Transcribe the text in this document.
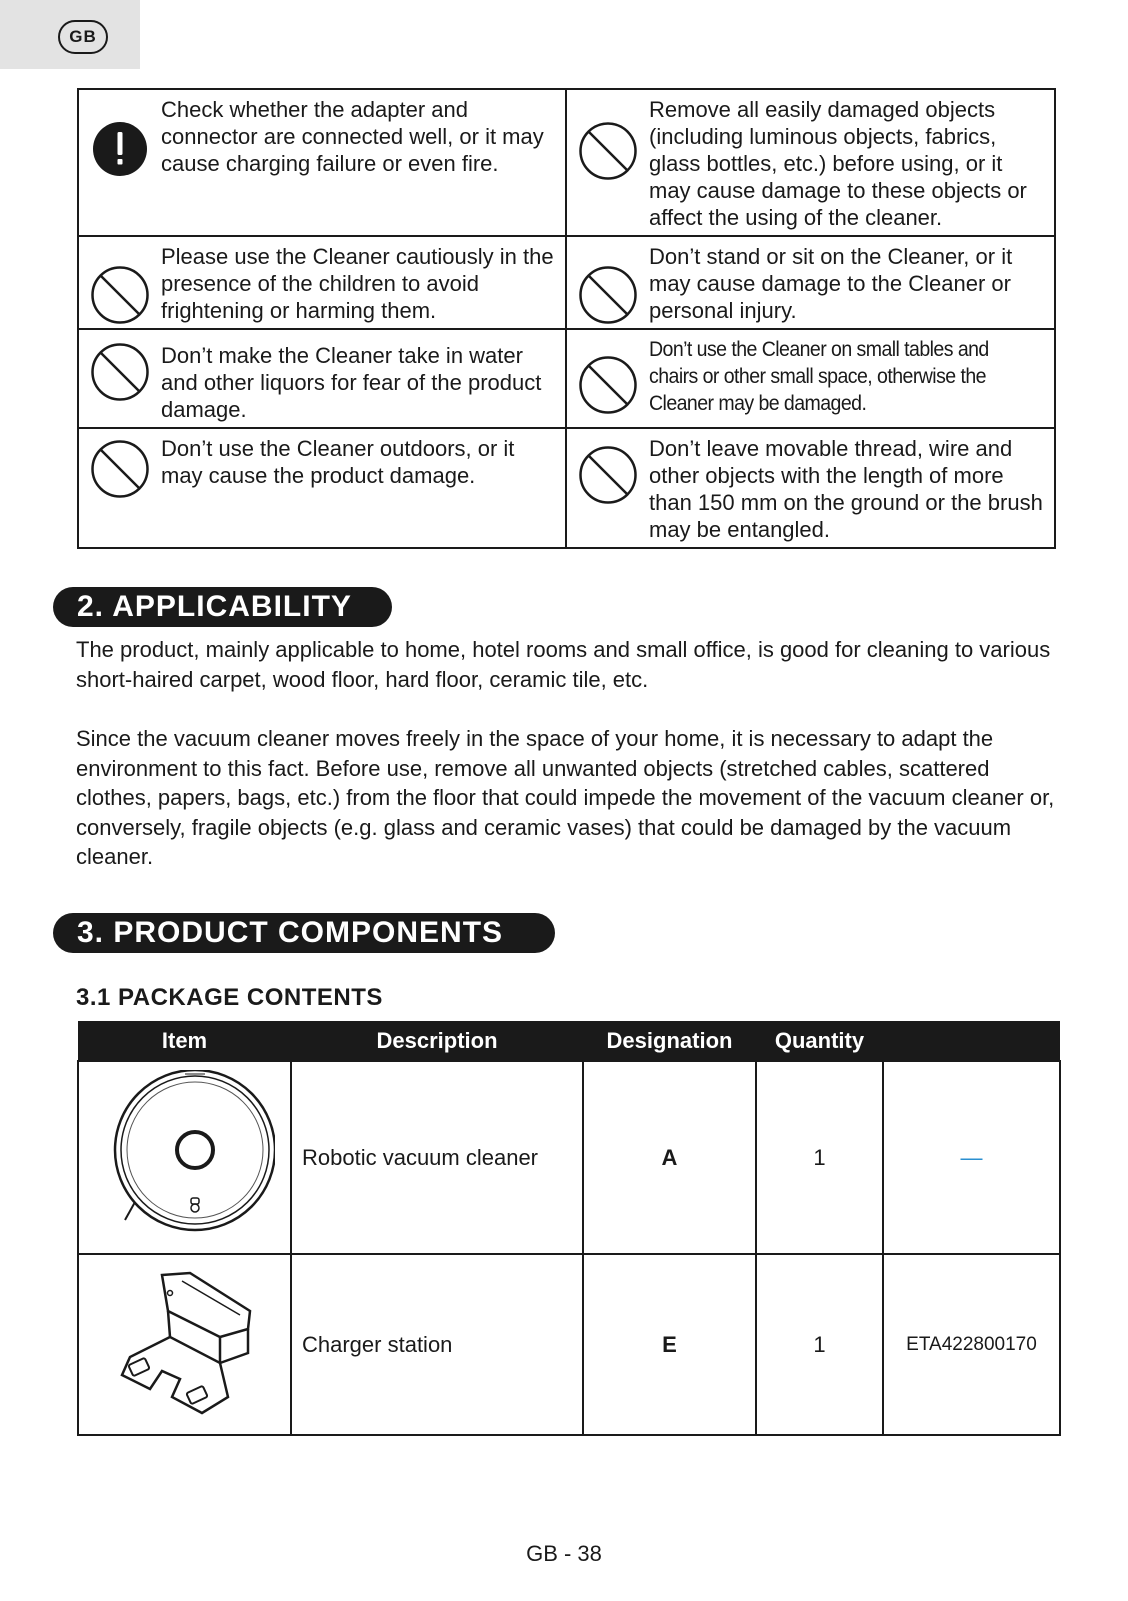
GB
Check whether the adapter and connector are connected well, or it may cause charging failure or even fire.	Remove all easily damaged objects (including luminous objects, fabrics, glass bottles, etc.) before using, or it may cause damage to these objects or affect the using of the cleaner.

Please use the Cleaner cautiously in the presence of the children to avoid frightening or harming them.	Don’t stand or sit on the Cleaner, or it may cause damage to the Cleaner or personal injury.

Don’t make the Cleaner take in water and other liquors for fear of the product damage.	Don’t use the Cleaner on small tables and chairs or other small space, otherwise the Cleaner may be damaged.

Don’t use the Cleaner outdoors, or it may cause the product damage.	Don’t leave movable thread, wire and other objects with the length of more than 150 mm on the ground or the brush may be entangled.
2. APPLICABILITY

The product, mainly applicable to home, hotel rooms and small office, is good for cleaning to various short-haired carpet, wood floor, hard floor, ceramic tile, etc.

Since the vacuum cleaner moves freely in the space of your home, it is necessary to adapt the environment to this fact. Before use, remove all unwanted objects (stretched cables, scattered clothes, papers, bags, etc.) from the floor that could impede the movement of the vacuum cleaner or, conversely, fragile objects (e.g. glass and ceramic vases) that could be damaged by the vacuum cleaner.

3. PRODUCT COMPONENTS
3.1 PACKAGE CONTENTS
Item	Description	Designation	Quantity	
	Robotic vacuum cleaner	A	1	—
	Charger station	E	1	ETA422800170
GB - 38
